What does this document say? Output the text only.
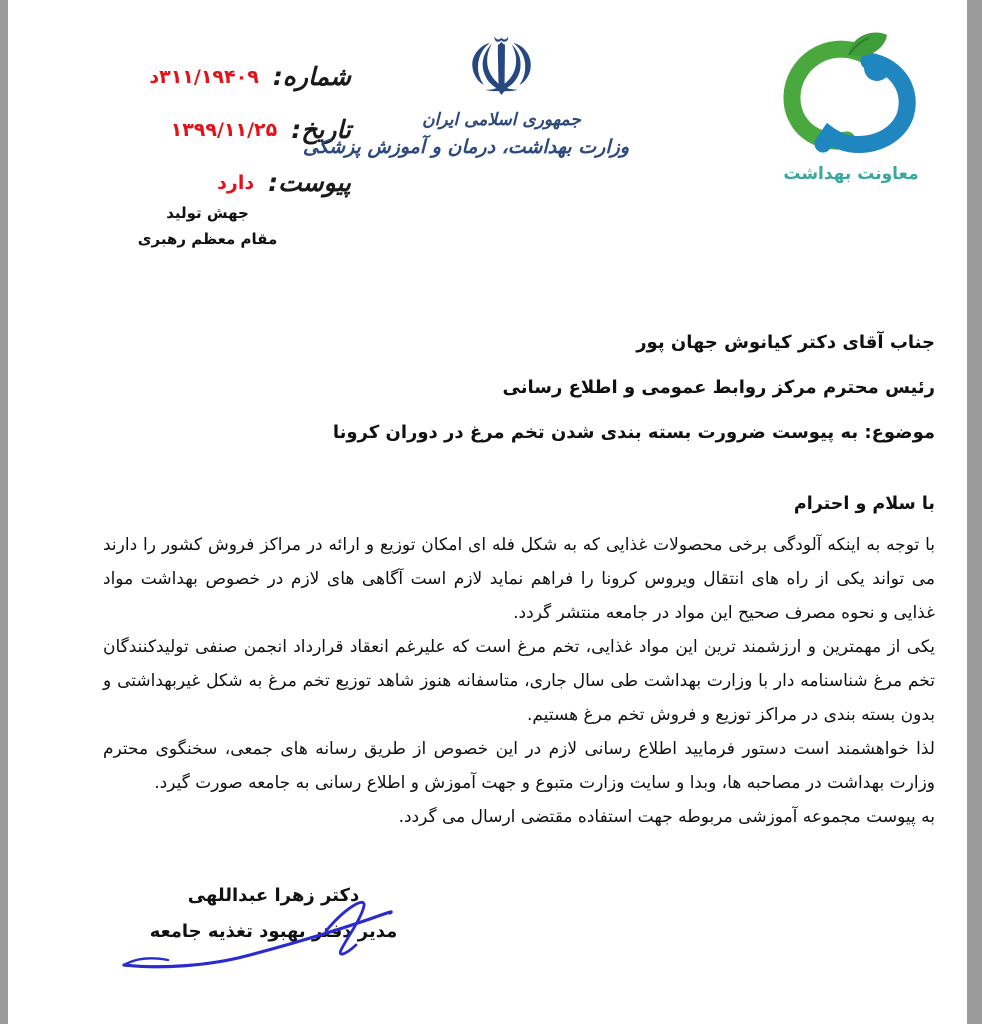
شماره:
۳۱۱/۱۹۴۰۹د
تاریخ:
۱۳۹۹/۱۱/۲۵
پیوست:
دارد
جهش تولید
مقام معظم رهبری
☫
جمهوری اسلامی ایران
وزارت بهداشت، درمان و آموزش پزشکی
معاونت بهداشت
جناب آقای دکتر کیانوش جهان پور
رئیس محترم مرکز روابط عمومی و اطلاع رسانی
موضوع: به پیوست ضرورت بسته بندی شدن تخم مرغ در دوران کرونا
با سلام و احترام

با توجه به اینکه آلودگی برخی محصولات غذایی که به شکل فله ای امکان توزیع و ارائه در مراکز فروش کشور را دارند می تواند یکی از راه های انتقال ویروس کرونا را فراهم نماید لازم است آگاهی های لازم در خصوص بهداشت مواد غذایی و نحوه مصرف صحیح این مواد در جامعه منتشر گردد.

یکی از مهمترین و ارزشمند ترین این مواد غذایی، تخم مرغ است که علیرغم انعقاد قرارداد انجمن صنفی تولیدکنندگان تخم مرغ شناسنامه دار با وزارت بهداشت طی سال جاری، متاسفانه هنوز شاهد توزیع تخم مرغ به شکل غیربهداشتی و بدون بسته بندی در مراکز توزیع و فروش تخم مرغ هستیم.

لذا خواهشمند است دستور فرمایید اطلاع رسانی لازم در این خصوص از طریق رسانه های جمعی، سخنگوی محترم وزارت بهداشت در مصاحبه ها، وبدا و سایت وزارت متبوع و جهت آموزش و اطلاع رسانی به جامعه صورت گیرد.

به پیوست مجموعه آموزشی مربوطه جهت استفاده مقتضی ارسال می گردد.

دکتر زهرا عبداللهی
مدیر دفتر بهبود تغذیه جامعه
